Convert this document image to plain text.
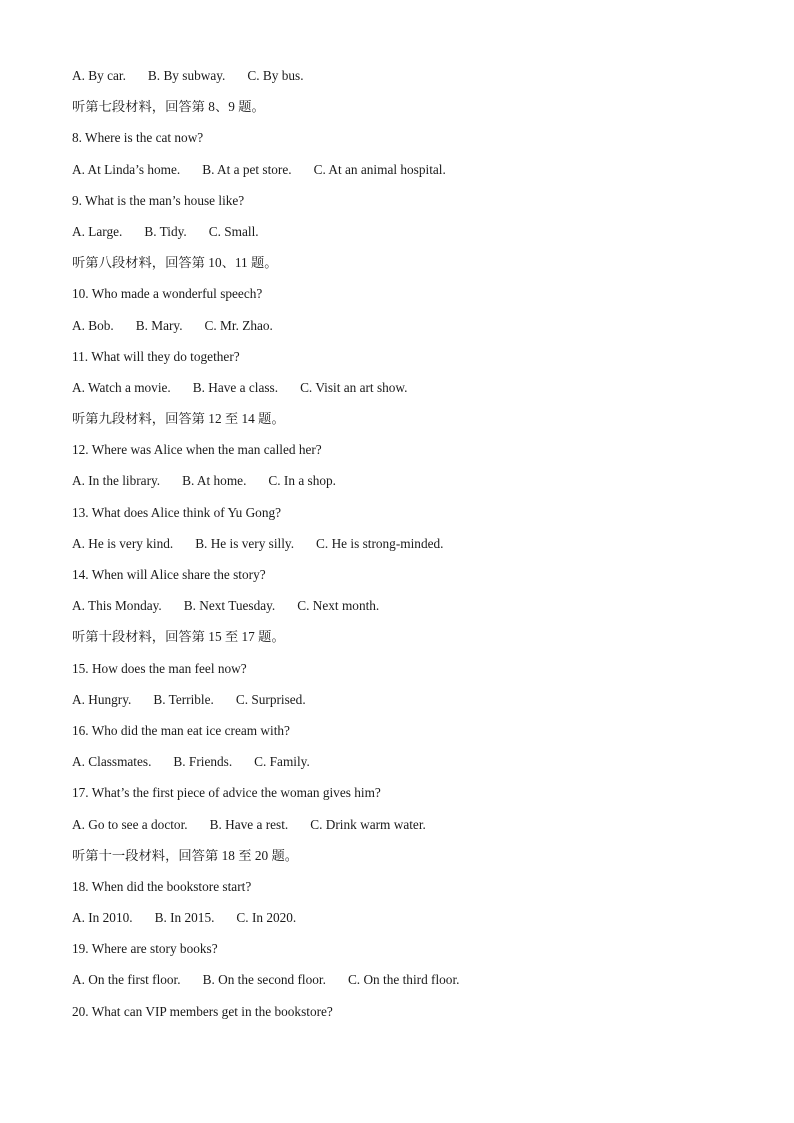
A. By car. B. By subway. C. By bus.
听第七段材料，回答第 8、9 题。
8. Where is the cat now?
A. At Linda’s home. B. At a pet store. C. At an animal hospital.
9. What is the man’s house like?
A. Large. B. Tidy. C. Small.
听第八段材料，回答第 10、11 题。
10. Who made a wonderful speech?
A. Bob. B. Mary. C. Mr. Zhao.
11. What will they do together?
A. Watch a movie. B. Have a class. C. Visit an art show.
听第九段材料，回答第 12 至 14 题。
12. Where was Alice when the man called her?
A. In the library. B. At home. C. In a shop.
13. What does Alice think of Yu Gong?
A. He is very kind. B. He is very silly. C. He is strong-minded.
14. When will Alice share the story?
A. This Monday. B. Next Tuesday. C. Next month.
听第十段材料，回答第 15 至 17 题。
15. How does the man feel now?
A. Hungry. B. Terrible. C. Surprised.
16. Who did the man eat ice cream with?
A. Classmates. B. Friends. C. Family.
17. What’s the first piece of advice the woman gives him?
A. Go to see a doctor. B. Have a rest. C. Drink warm water.
听第十一段材料，回答第 18 至 20 题。
18. When did the bookstore start?
A. In 2010. B. In 2015. C. In 2020.
19. Where are story books?
A. On the first floor. B. On the second floor. C. On the third floor.
20. What can VIP members get in the bookstore?
